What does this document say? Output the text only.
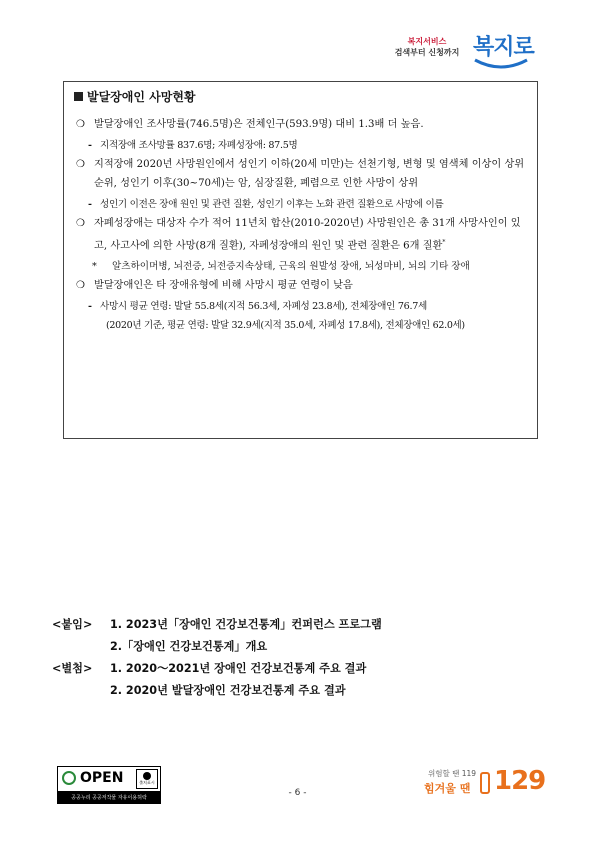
복지서비스
검색부터 신청까지 복지로
발달장애인 사망현황
❍ 발달장애인 조사망률(746.5명)은 전체인구(593.9명) 대비 1.3배 더 높음.
- 지적장애 조사망률 837.6명; 자폐성장애: 87.5명
❍ 지적장애 2020년 사망원인에서 성인기 이하(20세 미만)는 선천기형, 변형 및 염색체 이상이 상위 순위, 성인기 이후(30~70세)는 암, 심장질환, 폐렴으로 인한 사망이 상위
- 성인기 이전은 장애 원인 및 관련 질환, 성인기 이후는 노화 관련 질환으로 사망에 이름
❍ 자폐성장애는 대상자 수가 적어 11년치 합산(2010-2020년) 사망원인은 총 31개 사망사인이 있고, 사고사에 의한 사망(8개 질환), 자폐성장애의 원인 및 관련 질환은 6개 질환*
* 알츠하이머병, 뇌전증, 뇌전증지속상태, 근육의 원발성 장애, 뇌성마비, 뇌의 기타 장애
❍ 발달장애인은 타 장애유형에 비해 사망시 평균 연령이 낮음
- 사망시 평균 연령: 발달 55.8세(지적 56.3세, 자폐성 23.8세), 전체장애인 76.7세
(2020년 기준, 평균 연령: 발달 32.9세(지적 35.0세, 자폐성 17.8세), 전체장애인 62.0세)
<붙임> 1. 2023년「장애인 건강보건통계」컨퍼런스 프로그램
2.「장애인 건강보건통계」개요
<별첨> 1. 2020～2021년 장애인 건강보건통계 주요 결과
2. 2020년 발달장애인 건강보건통계 주요 결과
OPEN	출처표시
공공누리 공공저작물 자유이용허락	- 6 -
위험할 땐 119
힘겨울 땐 129
